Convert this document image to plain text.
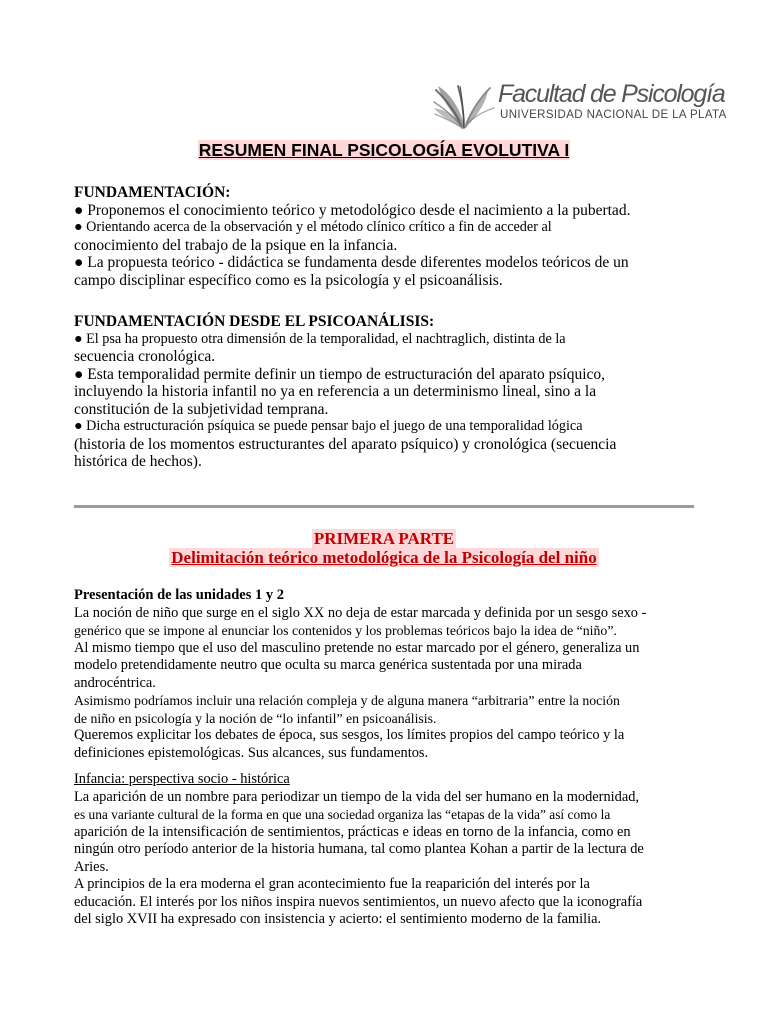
Facultad de Psicología
UNIVERSIDAD NACIONAL DE LA PLATA
RESUMEN FINAL PSICOLOGÍA EVOLUTIVA I
FUNDAMENTACIÓN:
● Proponemos el conocimiento teórico y metodológico desde el nacimiento a la pubertad.
● Orientando acerca de la observación y el método clínico crítico a fin de acceder al
conocimiento del trabajo de la psique en la infancia.
● La propuesta teórico - didáctica se fundamenta desde diferentes modelos teóricos de un
campo disciplinar específico como es la psicología y el psicoanálisis.
FUNDAMENTACIÓN DESDE EL PSICOANÁLISIS:
● El psa ha propuesto otra dimensión de la temporalidad, el nachtraglich, distinta de la
secuencia cronológica.
● Esta temporalidad permite definir un tiempo de estructuración del aparato psíquico,
incluyendo la historia infantil no ya en referencia a un determinismo lineal, sino a la
constitución de la subjetividad temprana.
● Dicha estructuración psíquica se puede pensar bajo el juego de una temporalidad lógica
(historia de los momentos estructurantes del aparato psíquico) y cronológica (secuencia
histórica de hechos).
PRIMERA PARTE
Delimitación teórico metodológica de la Psicología del niño
Presentación de las unidades 1 y 2
La noción de niño que surge en el siglo XX no deja de estar marcada y definida por un sesgo sexo -
genérico que se impone al enunciar los contenidos y los problemas teóricos bajo la idea de “niño”.
Al mismo tiempo que el uso del masculino pretende no estar marcado por el género, generaliza un
modelo pretendidamente neutro que oculta su marca genérica sustentada por una mirada
androcéntrica.
Asimismo podríamos incluir una relación compleja y de alguna manera “arbitraria” entre la noción
de niño en psicología y la noción de “lo infantil” en psicoanálisis.
Queremos explicitar los debates de época, sus sesgos, los límites propios del campo teórico y la
definiciones epistemológicas. Sus alcances, sus fundamentos.
Infancia: perspectiva socio - histórica
La aparición de un nombre para periodizar un tiempo de la vida del ser humano en la modernidad,
es una variante cultural de la forma en que una sociedad organiza las “etapas de la vida” así como la
aparición de la intensificación de sentimientos, prácticas e ideas en torno de la infancia, como en
ningún otro período anterior de la historia humana, tal como plantea Kohan a partir de la lectura de
Aries.
A principios de la era moderna el gran acontecimiento fue la reaparición del interés por la
educación. El interés por los niños inspira nuevos sentimientos, un nuevo afecto que la iconografía
del siglo XVII ha expresado con insistencia y acierto: el sentimiento moderno de la familia.
